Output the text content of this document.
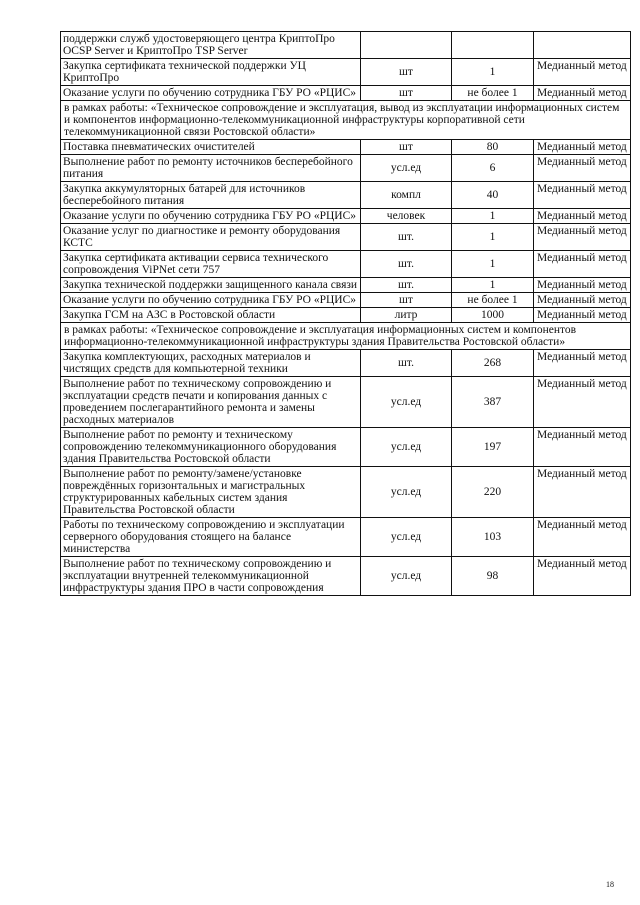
поддержки служб удостоверяющего центра КриптоПро OCSP Server и КриптоПро TSP Server			
Закупка сертификата технической поддержки УЦ КриптоПро	шт	1	Медианный метод
Оказание услуги по обучению сотрудника ГБУ РО «РЦИС»	шт	не более 1	Медианный метод
в рамках работы: «Техническое сопровождение и эксплуатация, вывод из эксплуатации информационных систем и компонентов информационно-телекоммуникационной инфраструктуры корпоративной сети телекоммуникационной связи Ростовской области»			
Поставка пневматических очистителей	шт	80	Медианный метод
Выполнение работ по ремонту источников бесперебойного питания	усл.ед	6	Медианный метод
Закупка аккумуляторных батарей для источников бесперебойного питания	компл	40	Медианный метод
Оказание услуги по обучению сотрудника ГБУ РО «РЦИС»	человек	1	Медианный метод
Оказание услуг по диагностике и ремонту оборудования КСТС	шт.	1	Медианный метод
Закупка сертификата активации сервиса технического сопровождения ViPNet сети 757	шт.	1	Медианный метод
Закупка технической поддержки защищенного канала связи	шт.	1	Медианный метод
Оказание услуги по обучению сотрудника ГБУ РО «РЦИС»	шт	не более 1	Медианный метод
Закупка ГСМ на АЗС в Ростовской области	литр	1000	Медианный метод
в рамках работы: «Техническое сопровождение и эксплуатация информационных систем и компонентов информационно-телекоммуникационной инфраструктуры здания Правительства Ростовской области»			
Закупка комплектующих, расходных материалов и чистящих средств для компьютерной техники	шт.	268	Медианный метод
Выполнение работ по техническому сопровождению и эксплуатации средств печати и копирования данных с проведением послегарантийного ремонта и замены расходных материалов	усл.ед	387	Медианный метод
Выполнение работ по ремонту и техническому сопровождению телекоммуникационного оборудования здания Правительства Ростовской области	усл.ед	197	Медианный метод
Выполнение работ по ремонту/замене/установке повреждённых горизонтальных и магистральных структурированных кабельных систем здания Правительства Ростовской области	усл.ед	220	Медианный метод
Работы по техническому сопровождению и эксплуатации серверного оборудования стоящего на балансе министерства	усл.ед	103	Медианный метод
Выполнение работ по техническому сопровождению и эксплуатации внутренней телекоммуникационной инфраструктуры здания ПРО в части сопровождения	усл.ед	98	Медианный метод
18
